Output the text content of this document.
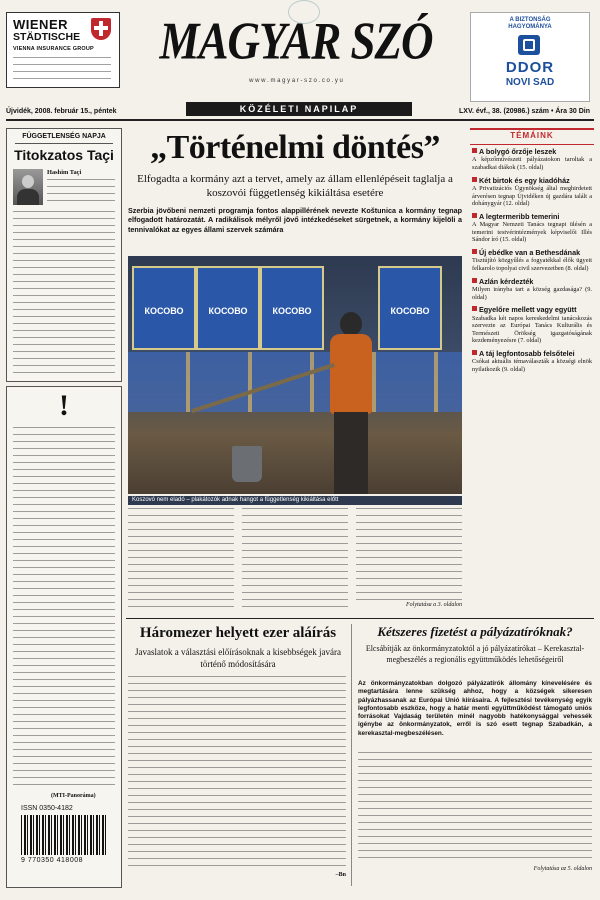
WIENER
STÄDTISCHE
VIENNA INSURANCE GROUP	MAGYAR SZÓ
w w w . m a g y a r - s z o . c o . y u
A BIZTONSÁG HAGYOMÁNYA
DDOR
NOVI SAD
Újvidék, 2008. február 15., péntek	KÖZÉLETI NAPILAP	LXV. évf., 38. (20986.) szám • Ára 30 Din
FÜGGETLENSÉG NAPJA
Titokzatos Taçi
Hashim Taçi
!
(MTI-Panoráma)
ISSN 0350-4182
9 770350 418008
„Történelmi döntés”
Elfogadta a kormány azt a tervet, amely az állam ellenlépéseit taglalja a koszovói függetlenség kikiáltása esetére
Szerbia jövőbeni nemzeti programja fontos alappillérének nevezte Koštunica a kormány tegnap elfogadott határozatát. A radikálisok mélyről jövő intézkedéseket sürgetnek, a kormány kijelöli a tennivalókat az egyes állami szervek számára
КОСОВО	КОСОВО	КОСОВО	КОСОВО
Koszovó nem eladó – plakátozók adnak hangot a függetlenség kikiáltása előtt
Folytatása a 3. oldalon
TÉMÁINK
A bolygó őrzője leszek
A képzőművészeti pályázatokon taroltak a szabadkai diákok (15. oldal)
Két birtok és egy kiadóház
A Privatizációs Ügynökség által meghirdetett árverésen tegnap Újvidéken új gazdára talált a dohánygyár (12. oldal)
A legtermeribb temerini
A Magyar Nemzeti Tanács tegnapi ülésén a temerini testvérintézmények képviselői Illés Sándor író (15. oldal)
Új ebédke van a Bethesdának
Tisztújító közgyűlés a fogyatékkal élők ügyeit felkarolo topolyai civil szervezetben (8. oldal)
Azlán kérdezték
Milyen irányba tart a község gazdasága? (9. oldal)
Egyelőre mellett vagy együtt
Szabadka két napos kereskedelmi tanácskozás szervezte az Európai Tanács Kulturális és Természeti Örökség igazgatóságának kezdeményezésre (7. oldal)
A táj legfontosabb felsőtelei
Csókai aktuális témaválaszták a községi elnök nyilatkozik (9. oldal)
Háromezer helyett ezer aláírás
Javaslatok a választási előírásoknak a kisebbségek javára történő módosítására
–Bn
Kétszeres fizetést a pályázatíróknak?
Elcsábítják az önkormányzatoktól a jó pályázatírókat – Kerekasztal-megbeszélés a regionális együttműködés lehetőségeiről
Az önkormányzatokban dolgozó pályázatírók állomány kínevelésére és megtartására lenne szükség ahhoz, hogy a községek sikeresen pályázhassanak az Európai Unió kiírásaira. A fejlesztési tevékenység egyik legfontosabb eszköze, hogy a határ menti együttműködést támogató uniós forrásokat Vajdaság területén minél nagyobb hatékonysággal vehessék igénybe az önkormányzatok, erről is szó esett tegnap Szabadkán, a kerekasztal-megbeszélésen.
Folytatása az 5. oldalon
